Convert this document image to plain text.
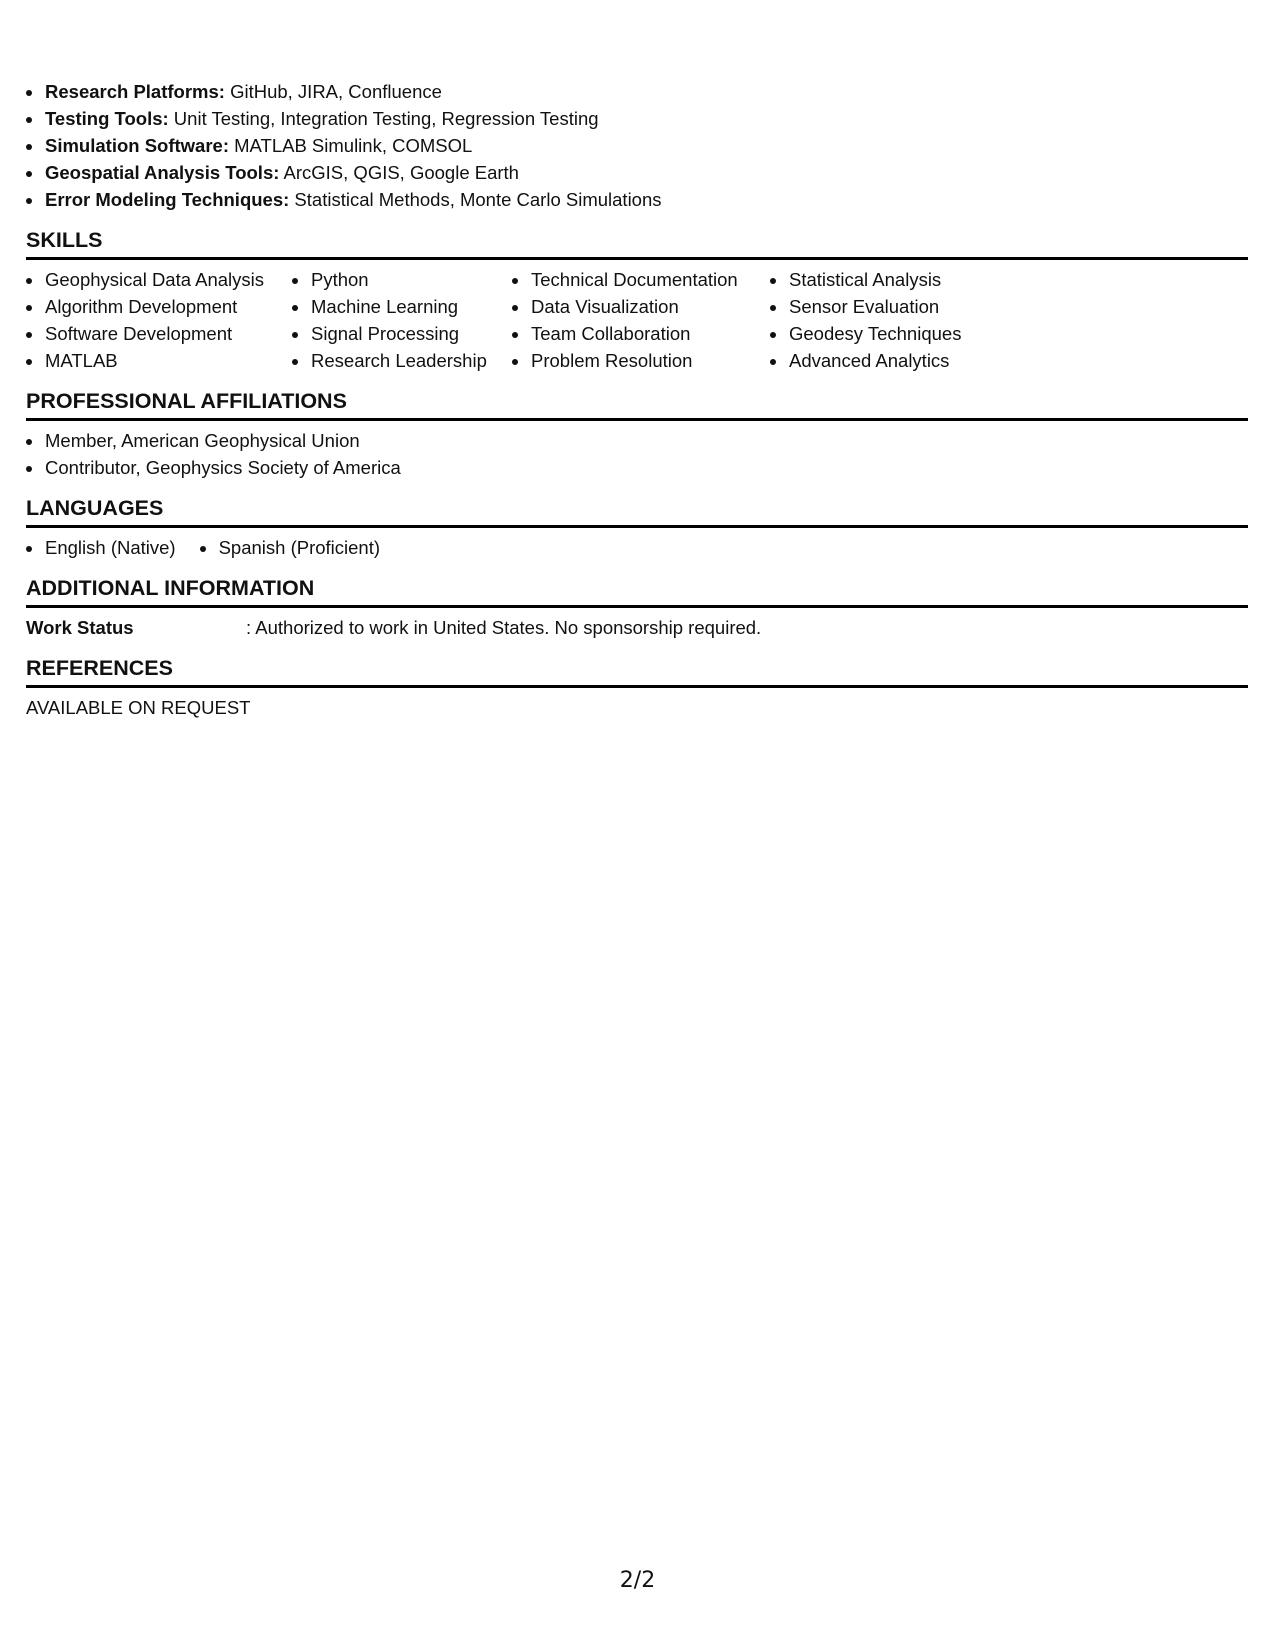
Research Platforms: GitHub, JIRA, Confluence
Testing Tools: Unit Testing, Integration Testing, Regression Testing
Simulation Software: MATLAB Simulink, COMSOL
Geospatial Analysis Tools: ArcGIS, QGIS, Google Earth
Error Modeling Techniques: Statistical Methods, Monte Carlo Simulations
SKILLS
Geophysical Data Analysis
Algorithm Development
Software Development
MATLAB
Python
Machine Learning
Signal Processing
Research Leadership
Technical Documentation
Data Visualization
Team Collaboration
Problem Resolution
Statistical Analysis
Sensor Evaluation
Geodesy Techniques
Advanced Analytics
PROFESSIONAL AFFILIATIONS
Member, American Geophysical Union
Contributor, Geophysics Society of America
LANGUAGES
English (Native)	Spanish (Proficient)
ADDITIONAL INFORMATION
Work Status	: Authorized to work in United States. No sponsorship required.
REFERENCES
AVAILABLE ON REQUEST
2/2
